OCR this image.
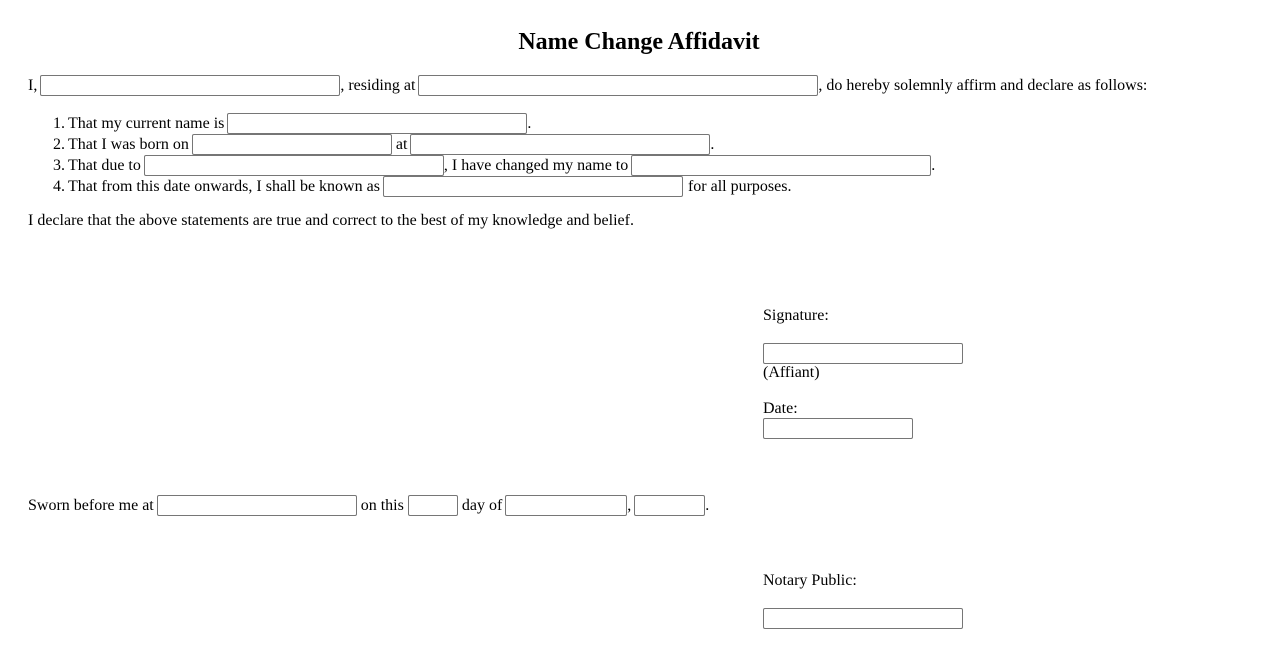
Name Change Affidavit
I,	, residing at	, do hereby solemnly affirm and declare as follows:
1. That my current name is	.
2. That I was born on	at	.
3. That due to	, I have changed my name to	.
4. That from this date onwards, I shall be known as	for all purposes.
I declare that the above statements are true and correct to the best of my knowledge and belief.
Signature:
(Affiant)
Date:
Sworn before me at	on this	day of	,	.
Notary Public:
